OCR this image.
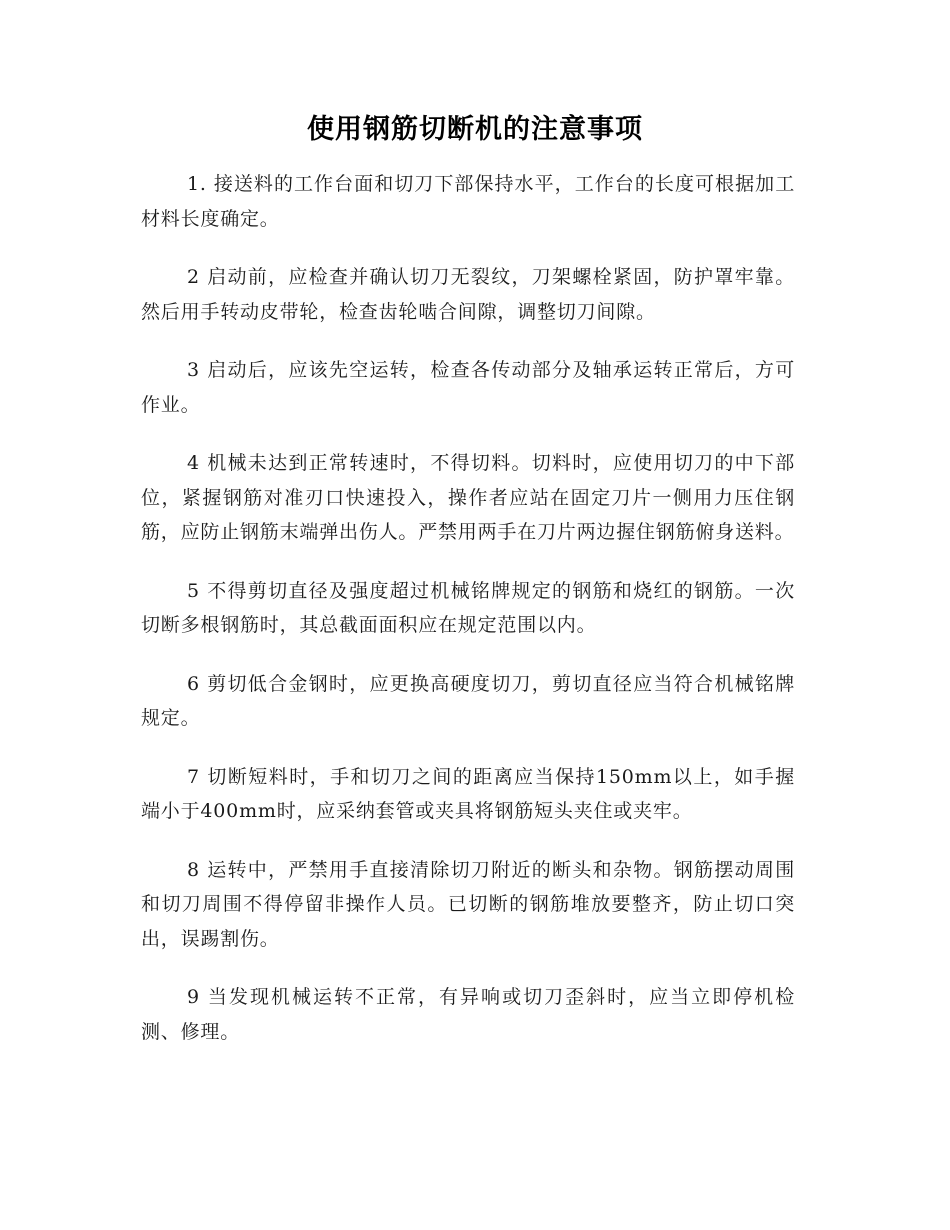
使用钢筋切断机的注意事项

1. 接送料的工作台面和切刀下部保持水平，工作台的长度可根据加工材料长度确定。

2 启动前，应检查并确认切刀无裂纹，刀架螺栓紧固，防护罩牢靠。然后用手转动皮带轮，检查齿轮啮合间隙，调整切刀间隙。

3 启动后，应该先空运转，检查各传动部分及轴承运转正常后，方可作业。

4 机械未达到正常转速时，不得切料。切料时，应使用切刀的中下部位，紧握钢筋对准刃口快速投入，操作者应站在固定刀片一侧用力压住钢筋，应防止钢筋末端弹出伤人。严禁用两手在刀片两边握住钢筋俯身送料。

5 不得剪切直径及强度超过机械铭牌规定的钢筋和烧红的钢筋。一次切断多根钢筋时，其总截面面积应在规定范围以内。

6 剪切低合金钢时，应更换高硬度切刀，剪切直径应当符合机械铭牌规定。

7 切断短料时，手和切刀之间的距离应当保持150mm以上，如手握端小于400mm时，应采纳套管或夹具将钢筋短头夹住或夹牢。

8 运转中，严禁用手直接清除切刀附近的断头和杂物。钢筋摆动周围和切刀周围不得停留非操作人员。已切断的钢筋堆放要整齐，防止切口突出，误踢割伤。

9 当发现机械运转不正常，有异响或切刀歪斜时，应当立即停机检测、修理。
